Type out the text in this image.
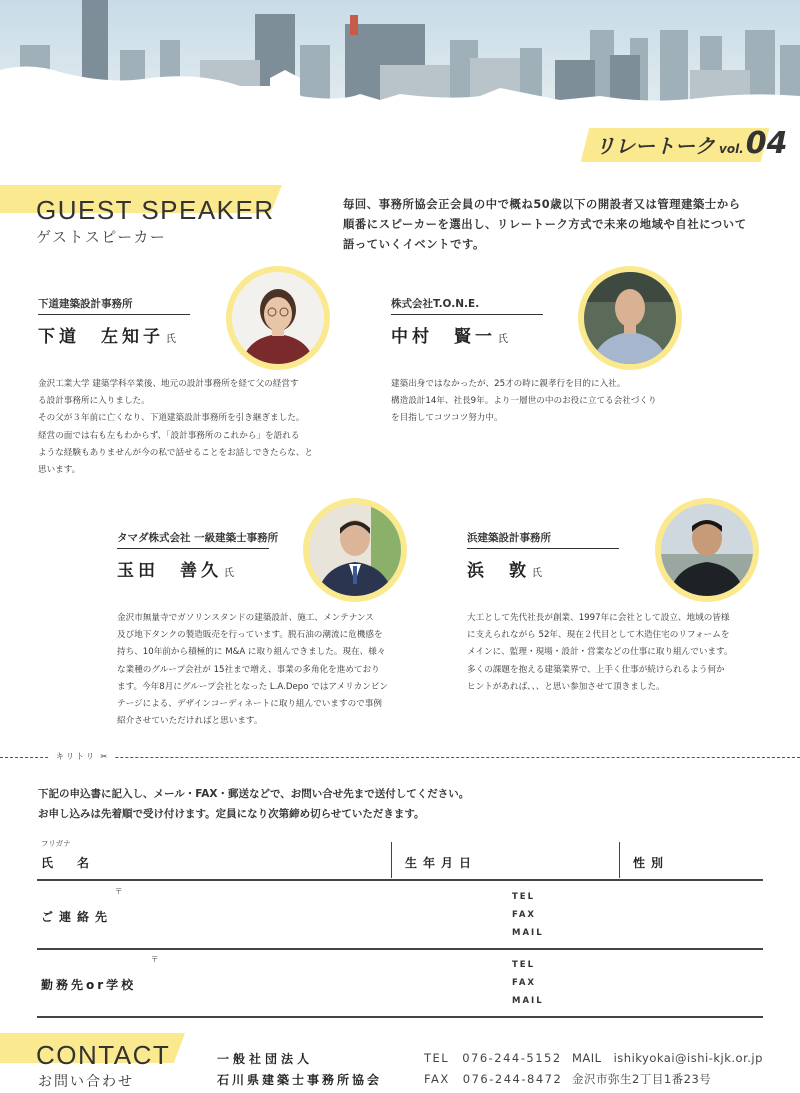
リレートーク vol.04
GUEST SPEAKER
ゲストスピーカー

毎回、事務所協会正会員の中で概ね50歳以下の開設者又は管理建築士から

順番にスピーカーを選出し、リレートーク方式で未来の地域や自社について

語っていくイベントです。

下道建築設計事務所
下道　左知子 氏

金沢工業大学 建築学科卒業後、地元の設計事務所を経て父の経営す

る設計事務所に入りました。

その父が３年前に亡くなり、下道建築設計事務所を引き継ぎました。

経営の面では右も左もわからず、「設計事務所のこれから」を語れる

ような経験もありませんが今の私で話せることをお話しできたらな、と

思います。

株式会社T.O.N.E.
中村　賢一 氏

建築出身ではなかったが、25才の時に親孝行を目的に入社。

構造設計14年、社長9年。より一層世の中のお役に立てる会社づくり

を目指してコツコツ努力中。

タマダ株式会社 一級建築士事務所
玉田　善久 氏

金沢市無量寺でガソリンスタンドの建築設計、施工、メンテナンス

及び地下タンクの製造販売を行っています。脱石油の潮流に危機感を

持ち、10年前から積極的に M&A に取り組んできました。現在、様々

な業種のグループ会社が 15社まで増え、事業の多角化を進めており

ます。今年8月にグループ会社となった L.A.Depo ではアメリカンビン

テージによる、デザインコーディネートに取り組んでいますので事例

紹介させていただければと思います。

浜建築設計事務所
浜　敦 氏

大工として先代社長が創業、1997年に会社として設立、地域の皆様

に支えられながら 52年、現在２代目として木造住宅のリフォームを

メインに、監理・現場・設計・営業などの仕事に取り組んでいます。

多くの課題を抱える建築業界で、上手く仕事が続けられるよう何か

ヒントがあれば、、、と思い参加させて頂きました。

キリトリ ✂

下記の申込書に記入し、メール・FAX・郵送などで、お問い合せ先まで送付してください。

お申し込みは先着順で受け付けます。定員になり次第締め切らせていただきます。

フリガナ
氏　名	生年月日	性別
〒
ご連絡先
TEL
FAX
MAIL
〒
勤務先or学校
TEL
FAX
MAIL
CONTACT
お問い合わせ
一般社団法人
石川県建築士事務所協会
TEL　076-244-5152
FAX　076-244-8472
MAIL　ishikyokai@ishi-kjk.or.jp
金沢市弥生2丁目1番23号
